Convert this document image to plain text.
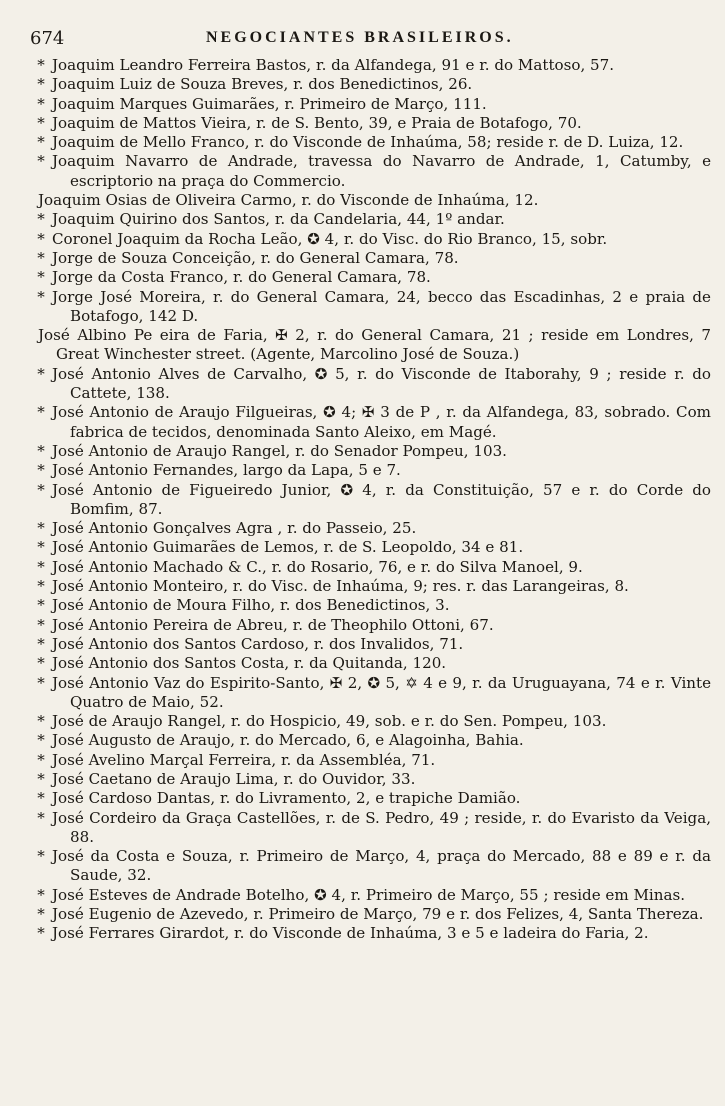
674	NEGOCIANTES BRASILEIROS.

* Joaquim Leandro Ferreira Bastos, r. da Alfandega, 91 e r. do Mattoso, 57.

* Joaquim Luiz de Souza Breves, r. dos Benedictinos, 26.

* Joaquim Marques Guimarães, r. Primeiro de Março, 111.

* Joaquim de Mattos Vieira, r. de S. Bento, 39, e Praia de Botafogo, 70.

* Joaquim de Mello Franco, r. do Visconde de Inhaúma, 58; reside r. de D. Luiza, 12.

* Joaquim Navarro de Andrade, travessa do Navarro de Andrade, 1, Catumby, e escriptorio na praça do Commercio.

Joaquim Osias de Oliveira Carmo, r. do Visconde de Inhaúma, 12.

* Joaquim Quirino dos Santos, r. da Candelaria, 44, 1º andar.

* Coronel Joaquim da Rocha Leão, ✪ 4, r. do Visc. do Rio Branco, 15, sobr.

* Jorge de Souza Conceição, r. do General Camara, 78.

* Jorge da Costa Franco, r. do General Camara, 78.

* Jorge José Moreira, r. do General Camara, 24, becco das Escadinhas, 2 e praia de Botafogo, 142 D.

José Albino Pe eira de Faria, ✠ 2, r. do General Camara, 21 ; reside em Londres, 7 Great Winchester street. (Agente, Marcolino José de Souza.)

* José Antonio Alves de Carvalho, ✪ 5, r. do Visconde de Itaborahy, 9 ; reside r. do Cattete, 138.

* José Antonio de Araujo Filgueiras, ✪ 4; ✠ 3 de P , r. da Alfandega, 83, sobrado. Com fabrica de tecidos, denominada Santo Aleixo, em Magé.

* José Antonio de Araujo Rangel, r. do Senador Pompeu, 103.

* José Antonio Fernandes, largo da Lapa, 5 e 7.

* José Antonio de Figueiredo Junior, ✪ 4, r. da Constituição, 57 e r. do Corde do Bomfim, 87.

* José Antonio Gonçalves Agra , r. do Passeio, 25.

* José Antonio Guimarães de Lemos, r. de S. Leopoldo, 34 e 81.

* José Antonio Machado & C., r. do Rosario, 76, e r. do Silva Manoel, 9.

* José Antonio Monteiro, r. do Visc. de Inhaúma, 9; res. r. das Larangeiras, 8.

* José Antonio de Moura Filho, r. dos Benedictinos, 3.

* José Antonio Pereira de Abreu, r. de Theophilo Ottoni, 67.

* José Antonio dos Santos Cardoso, r. dos Invalidos, 71.

* José Antonio dos Santos Costa, r. da Quitanda, 120.

* José Antonio Vaz do Espirito-Santo, ✠ 2, ✪ 5, ✡ 4 e 9, r. da Uruguayana, 74 e r. Vinte Quatro de Maio, 52.

* José de Araujo Rangel, r. do Hospicio, 49, sob. e r. do Sen. Pompeu, 103.

* José Augusto de Araujo, r. do Mercado, 6, e Alagoinha, Bahia.

* José Avelino Marçal Ferreira, r. da Assembléa, 71.

* José Caetano de Araujo Lima, r. do Ouvidor, 33.

* José Cardoso Dantas, r. do Livramento, 2, e trapiche Damião.

* José Cordeiro da Graça Castellões, r. de S. Pedro, 49 ; reside, r. do Evaristo da Veiga, 88.

* José da Costa e Souza, r. Primeiro de Março, 4, praça do Mercado, 88 e 89 e r. da Saude, 32.

* José Esteves de Andrade Botelho, ✪ 4, r. Primeiro de Março, 55 ; reside em Minas.

* José Eugenio de Azevedo, r. Primeiro de Março, 79 e r. dos Felizes, 4, Santa Thereza.

* José Ferrares Girardot, r. do Visconde de Inhaúma, 3 e 5 e ladeira do Faria, 2.
